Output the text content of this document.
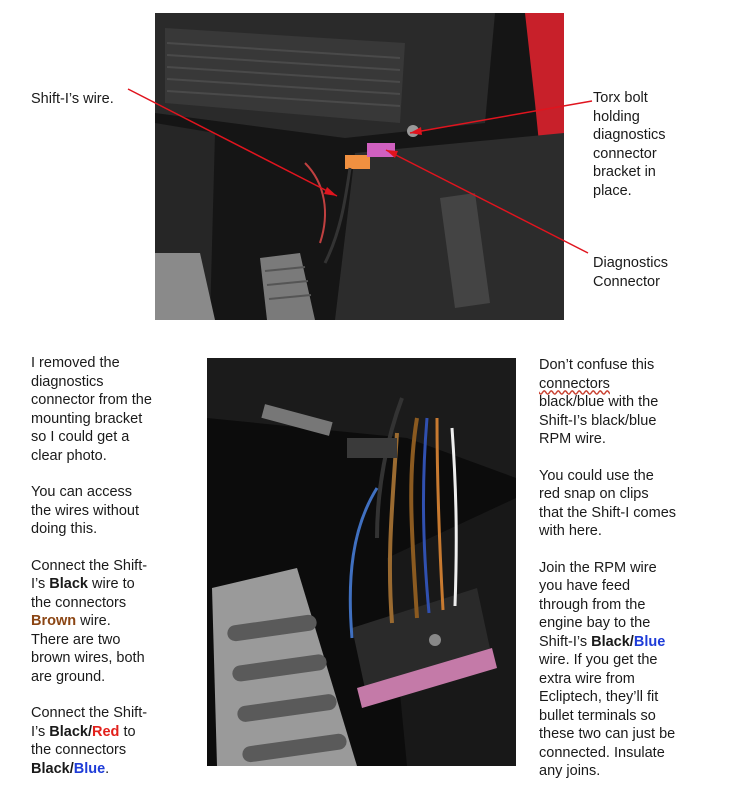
Shift-I’s wire.	Torx bolt
holding
diagnostics
connector
bracket in
place.
Diagnostics
Connector

I removed the
diagnostics
connector from the
mounting bracket
so I could get a
clear photo.

You can access
the wires without
doing this.

Connect the Shift-
I’s Black wire to
the connectors
Brown wire.
There are two
brown wires, both
are ground.

Connect the Shift-
I’s Black/Red to
the connectors
Black/Blue.

Don’t confuse this
connectors
black/blue with the
Shift-I’s black/blue
RPM wire.

You could use the
red snap on clips
that the Shift-I comes
with here.

Join the RPM wire
you have feed
through from the
engine bay to the
Shift-I’s Black/Blue
wire. If you get the
extra wire from
Ecliptech, they’ll fit
bullet terminals so
these two can just be
connected. Insulate
any joins.
